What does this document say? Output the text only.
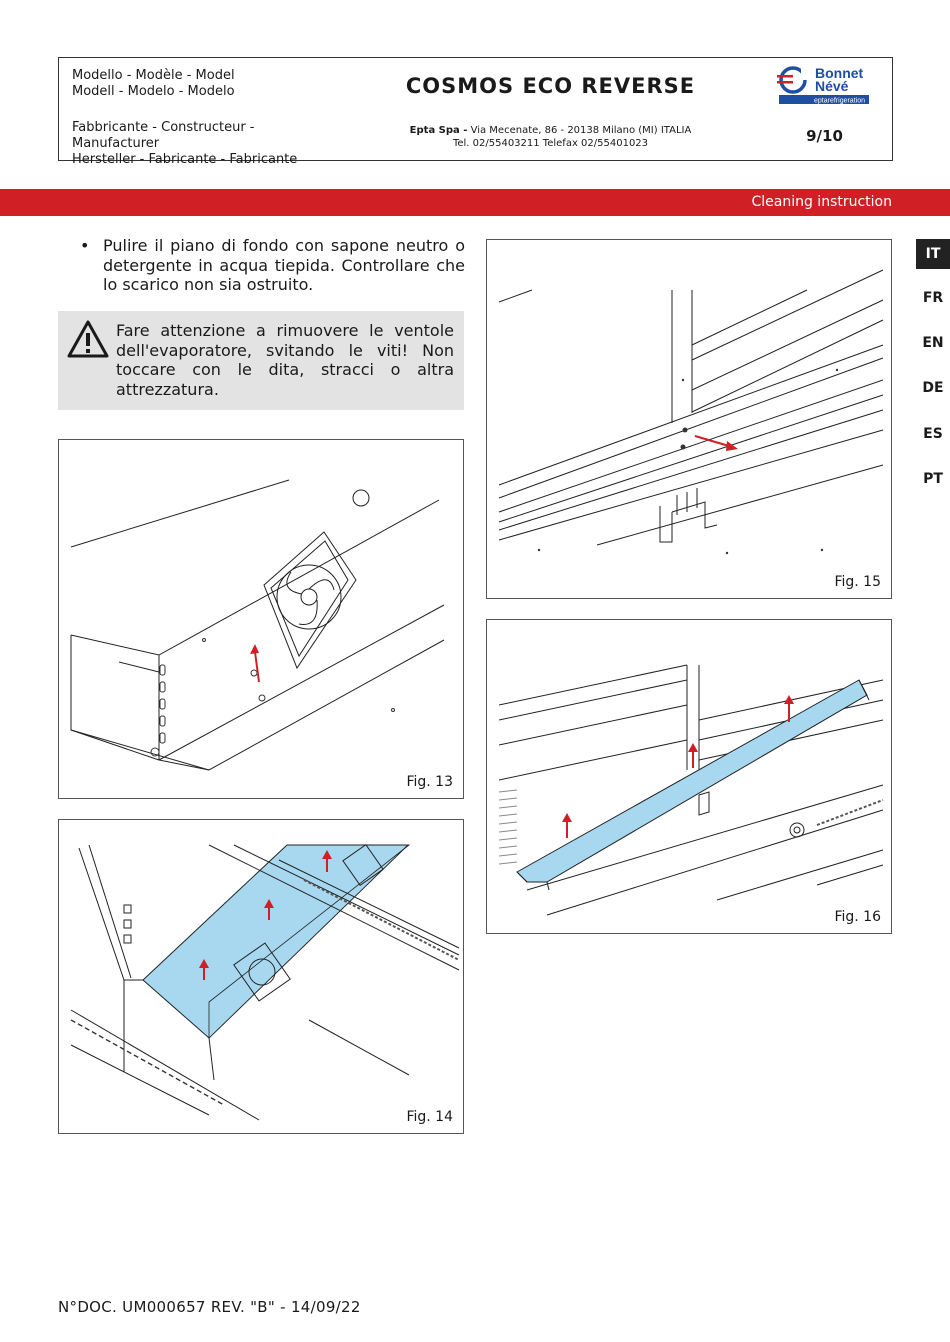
Modello - Modèle - Model
Modell - Modelo - Modelo	COSMOS ECO REVERSE
Bonnet
Névé
eptarefrigeration
Fabbricante - Constructeur - Manufacturer
Hersteller - Fabricante - Fabricante
Epta Spa - Via Mecenate, 86 - 20138 Milano (MI) ITALIA
Tel. 02/55403211 Telefax 02/55401023	9/10
Cleaning instruction
IT
FR
EN
DE
ES
PT
• Pulire il piano di fondo con sapone neutro o detergente in acqua tiepida. Controllare che lo scarico non sia ostruito.
Fare attenzione a rimuovere le ventole dell'evaporatore, svitando le viti! Non toccare con le dita, stracci o altra attrezzatura.
Fig. 13
Fig. 14
Fig. 15
Fig. 16
N°DOC. UM000657 REV. "B" - 14/09/22
